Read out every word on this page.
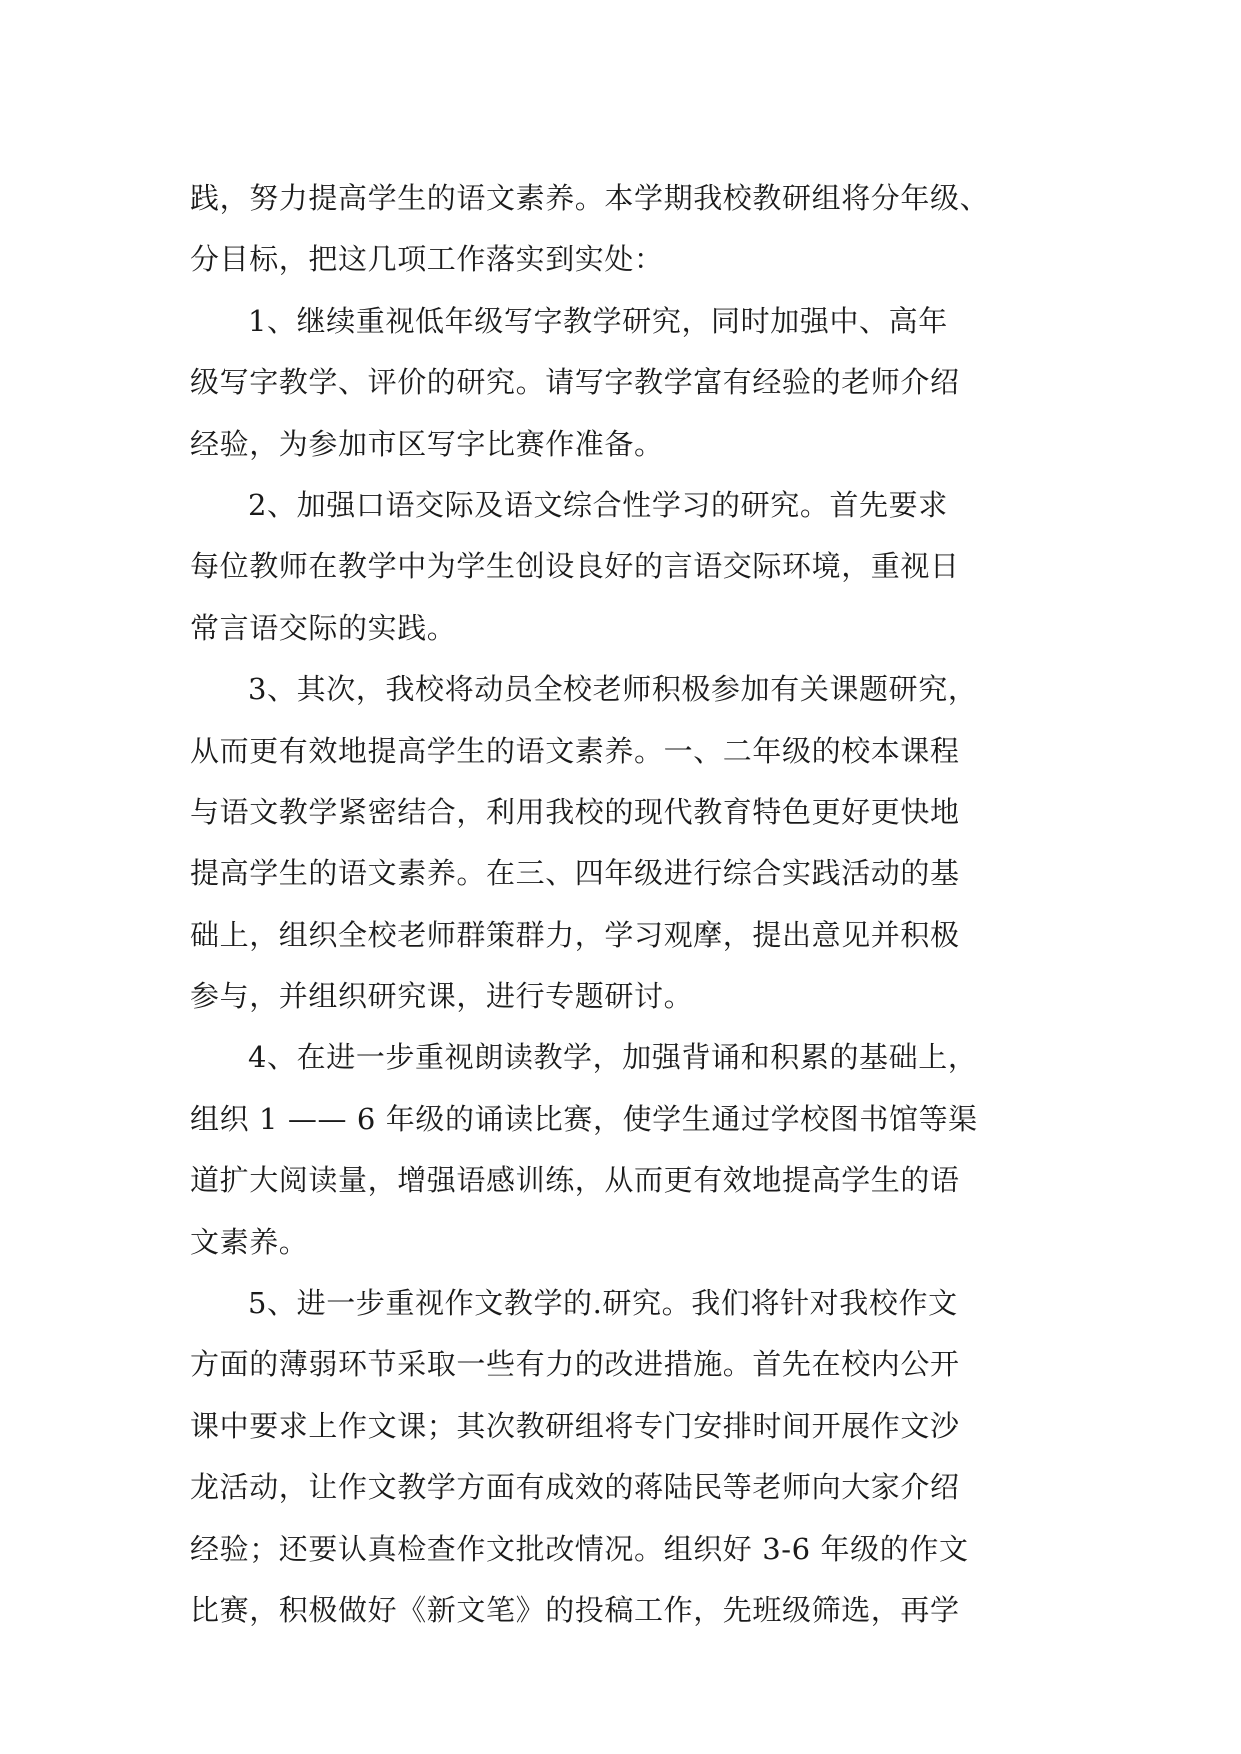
践，努力提高学生的语文素养。本学期我校教研组将分年级、
分目标，把这几项工作落实到实处：
1、继续重视低年级写字教学研究，同时加强中、高年
级写字教学、评价的研究。请写字教学富有经验的老师介绍
经验，为参加市区写字比赛作准备。
2、加强口语交际及语文综合性学习的研究。首先要求
每位教师在教学中为学生创设良好的言语交际环境，重视日
常言语交际的实践。
3、其次，我校将动员全校老师积极参加有关课题研究，
从而更有效地提高学生的语文素养。一、二年级的校本课程
与语文教学紧密结合，利用我校的现代教育特色更好更快地
提高学生的语文素养。在三、四年级进行综合实践活动的基
础上，组织全校老师群策群力，学习观摩，提出意见并积极
参与，并组织研究课，进行专题研讨。
4、在进一步重视朗读教学，加强背诵和积累的基础上，
组织 1 —— 6 年级的诵读比赛，使学生通过学校图书馆等渠
道扩大阅读量，增强语感训练，从而更有效地提高学生的语
文素养。
5、进一步重视作文教学的.研究。我们将针对我校作文
方面的薄弱环节采取一些有力的改进措施。首先在校内公开
课中要求上作文课；其次教研组将专门安排时间开展作文沙
龙活动，让作文教学方面有成效的蒋陆民等老师向大家介绍
经验；还要认真检查作文批改情况。组织好 3-6 年级的作文
比赛，积极做好《新文笔》的投稿工作，先班级筛选，再学
